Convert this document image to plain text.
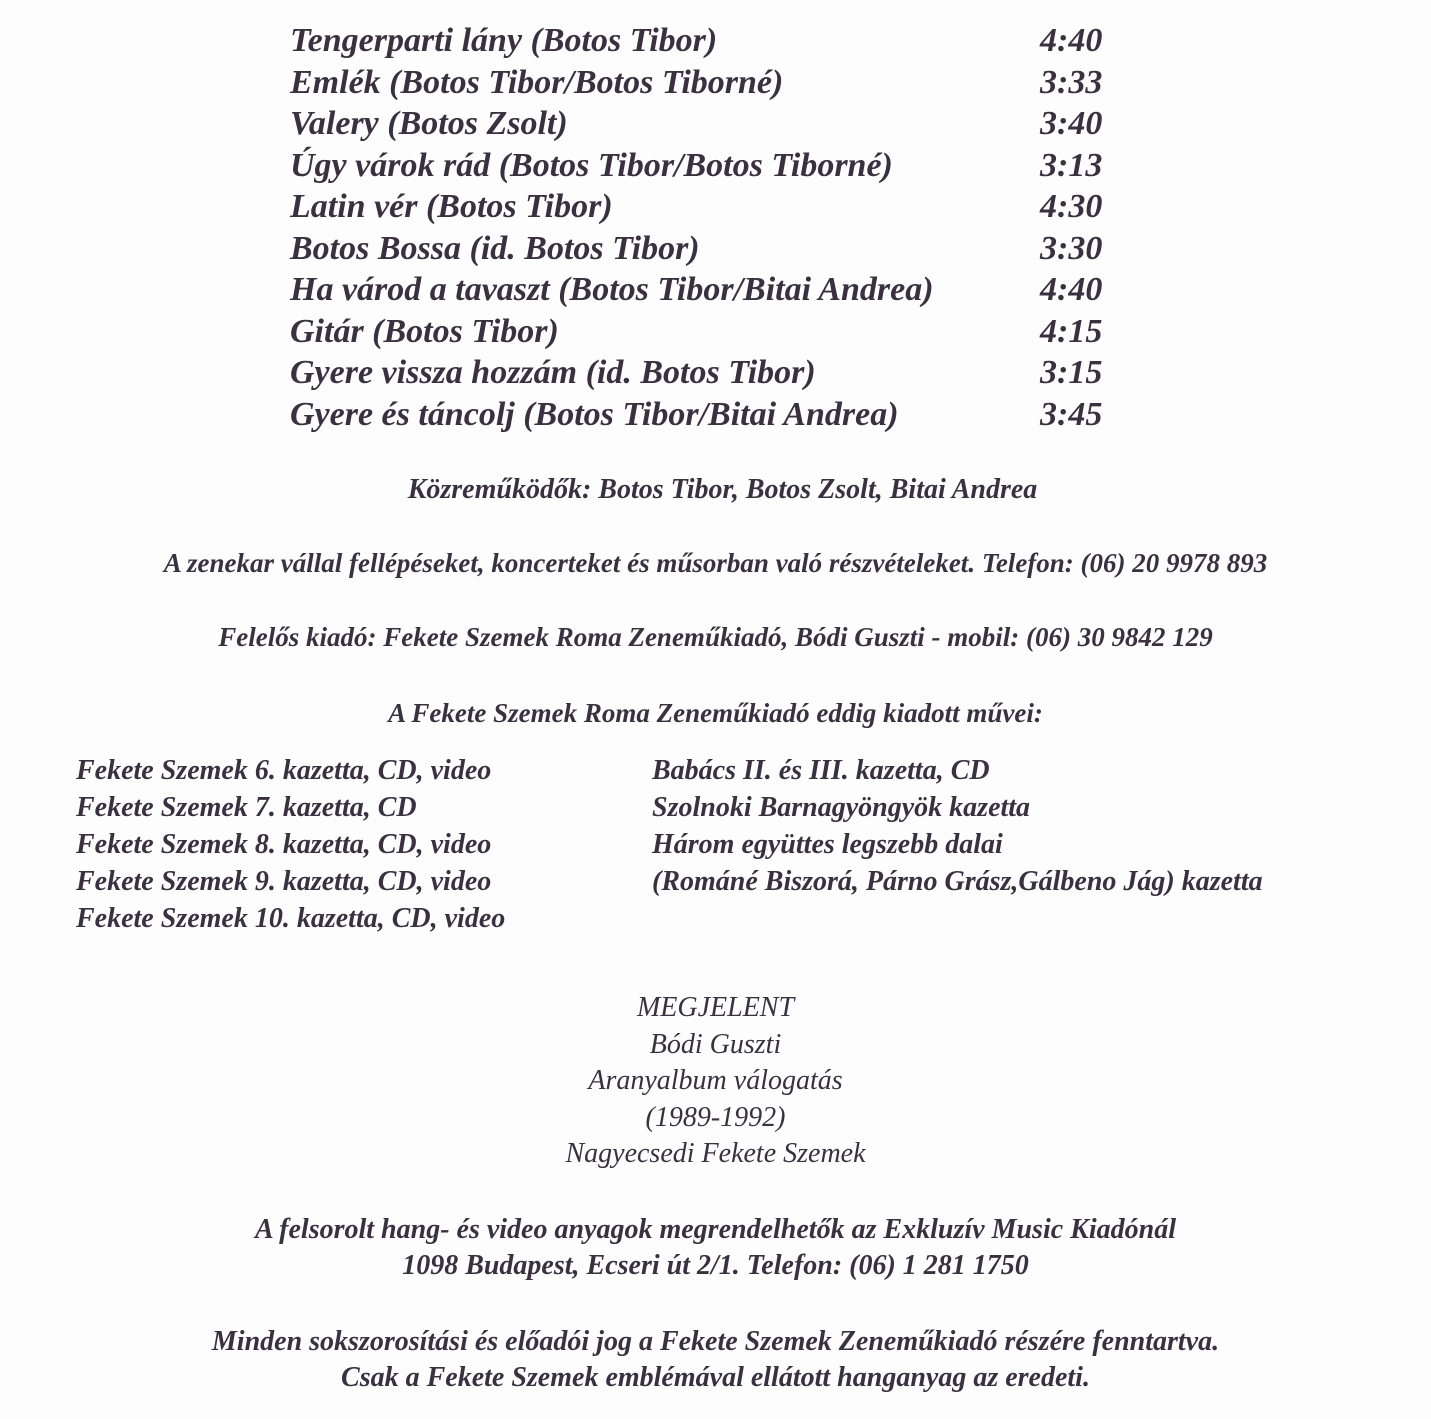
Tengerparti lány (Botos Tibor)	4:40
Emlék (Botos Tibor/Botos Tiborné)	3:33
Valery (Botos Zsolt)	3:40
Úgy várok rád (Botos Tibor/Botos Tiborné)	3:13
Latin vér (Botos Tibor)	4:30
Botos Bossa (id. Botos Tibor)	3:30
Ha várod a tavaszt (Botos Tibor/Bitai Andrea)	4:40
Gitár (Botos Tibor)	4:15
Gyere vissza hozzám (id. Botos Tibor)	3:15
Gyere és táncolj (Botos Tibor/Bitai Andrea)	3:45
Közreműködők: Botos Tibor, Botos Zsolt, Bitai Andrea
A zenekar vállal fellépéseket, koncerteket és műsorban való részvételeket. Telefon: (06) 20 9978 893
Felelős kiadó: Fekete Szemek Roma Zeneműkiadó, Bódi Guszti - mobil: (06) 30 9842 129
A Fekete Szemek Roma Zeneműkiadó eddig kiadott művei:
Fekete Szemek 6. kazetta, CD, video
Fekete Szemek 7. kazetta, CD
Fekete Szemek 8. kazetta, CD, video
Fekete Szemek 9. kazetta, CD, video
Fekete Szemek 10. kazetta, CD, video
Babács II. és III. kazetta, CD
Szolnoki Barnagyöngyök kazetta
Három együttes legszebb dalai
(Románé Biszorá, Párno Grász,Gálbeno Jág) kazetta
MEGJELENT
Bódi Guszti
Aranyalbum válogatás
(1989-1992)
Nagyecsedi Fekete Szemek
A felsorolt hang- és video anyagok megrendelhetők az Exkluzív Music Kiadónál
1098 Budapest, Ecseri út 2/1. Telefon: (06) 1 281 1750
Minden sokszorosítási és előadói jog a Fekete Szemek Zeneműkiadó részére fenntartva.
Csak a Fekete Szemek emblémával ellátott hanganyag az eredeti.
